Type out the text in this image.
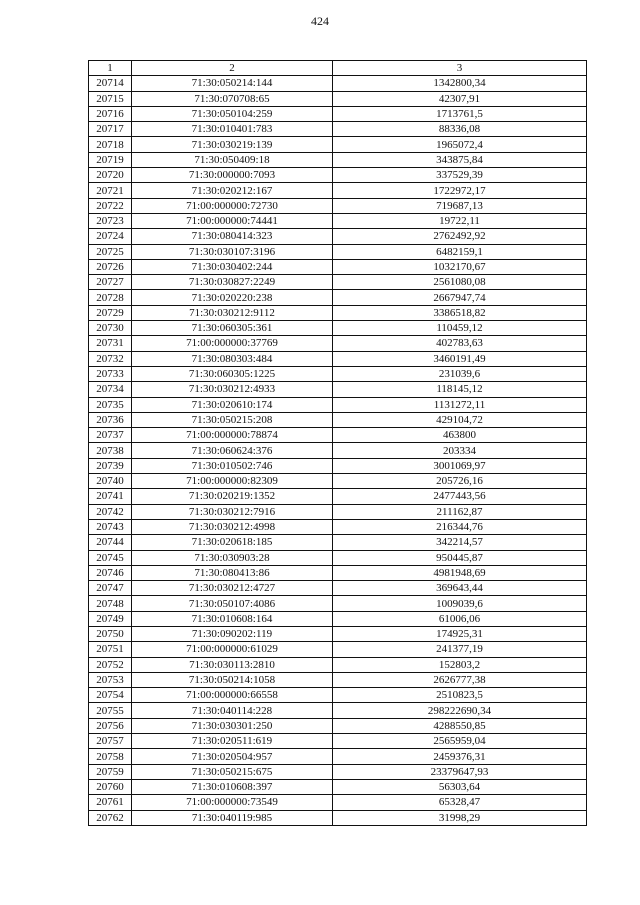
424
1	2	3
20714	71:30:050214:144	1342800,34
20715	71:30:070708:65	42307,91
20716	71:30:050104:259	1713761,5
20717	71:30:010401:783	88336,08
20718	71:30:030219:139	1965072,4
20719	71:30:050409:18	343875,84
20720	71:30:000000:7093	337529,39
20721	71:30:020212:167	1722972,17
20722	71:00:000000:72730	719687,13
20723	71:00:000000:74441	19722,11
20724	71:30:080414:323	2762492,92
20725	71:30:030107:3196	6482159,1
20726	71:30:030402:244	1032170,67
20727	71:30:030827:2249	2561080,08
20728	71:30:020220:238	2667947,74
20729	71:30:030212:9112	3386518,82
20730	71:30:060305:361	110459,12
20731	71:00:000000:37769	402783,63
20732	71:30:080303:484	3460191,49
20733	71:30:060305:1225	231039,6
20734	71:30:030212:4933	118145,12
20735	71:30:020610:174	1131272,11
20736	71:30:050215:208	429104,72
20737	71:00:000000:78874	463800
20738	71:30:060624:376	203334
20739	71:30:010502:746	3001069,97
20740	71:00:000000:82309	205726,16
20741	71:30:020219:1352	2477443,56
20742	71:30:030212:7916	211162,87
20743	71:30:030212:4998	216344,76
20744	71:30:020618:185	342214,57
20745	71:30:030903:28	950445,87
20746	71:30:080413:86	4981948,69
20747	71:30:030212:4727	369643,44
20748	71:30:050107:4086	1009039,6
20749	71:30:010608:164	61006,06
20750	71:30:090202:119	174925,31
20751	71:00:000000:61029	241377,19
20752	71:30:030113:2810	152803,2
20753	71:30:050214:1058	2626777,38
20754	71:00:000000:66558	2510823,5
20755	71:30:040114:228	298222690,34
20756	71:30:030301:250	4288550,85
20757	71:30:020511:619	2565959,04
20758	71:30:020504:957	2459376,31
20759	71:30:050215:675	23379647,93
20760	71:30:010608:397	56303,64
20761	71:00:000000:73549	65328,47
20762	71:30:040119:985	31998,29
